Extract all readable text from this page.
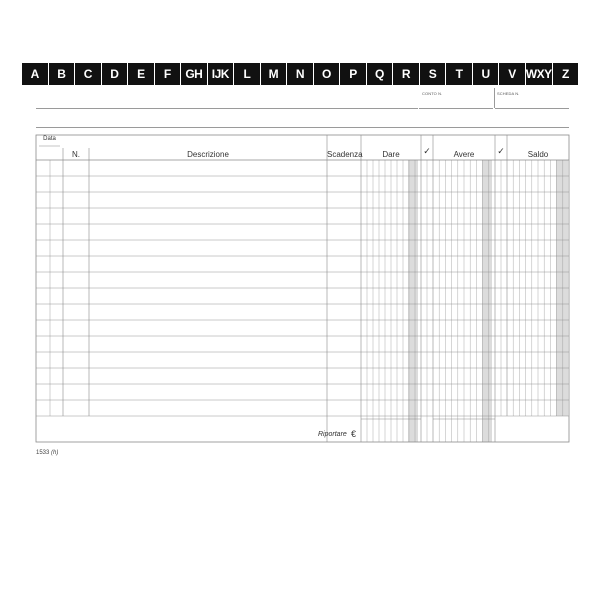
A	B	C	D	E	F	GH IJK	L	M	N	O	P	Q	R	S	T	U	V WXY Z
CONTO N.	SCHEDA N.
Data
N.	Descrizione	Scadenza	Dare	✓	Avere	✓	Saldo
Riportare €
1533 (h)
